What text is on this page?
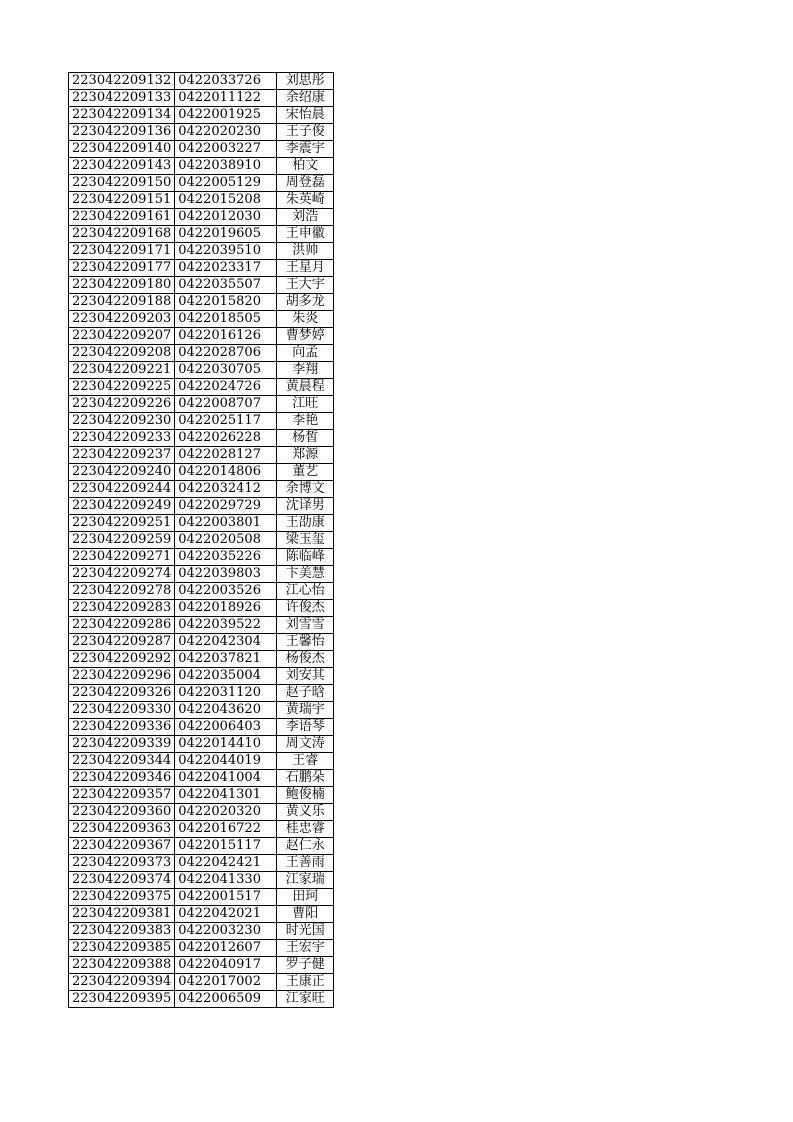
223042209132	0422033726	刘思彤
223042209133	0422011122	余绍康
223042209134	0422001925	宋怡晨
223042209136	0422020230	王子俊
223042209140	0422003227	李震宇
223042209143	0422038910	柏文
223042209150	0422005129	周登磊
223042209151	0422015208	朱英崎
223042209161	0422012030	刘浩
223042209168	0422019605	王申徽
223042209171	0422039510	洪帅
223042209177	0422023317	王星月
223042209180	0422035507	王大宇
223042209188	0422015820	胡多龙
223042209203	0422018505	朱炎
223042209207	0422016126	曹梦婷
223042209208	0422028706	向孟
223042209221	0422030705	李翔
223042209225	0422024726	黄晨程
223042209226	0422008707	江旺
223042209230	0422025117	李艳
223042209233	0422026228	杨皙
223042209237	0422028127	郑源
223042209240	0422014806	董艺
223042209244	0422032412	余博文
223042209249	0422029729	沈译男
223042209251	0422003801	王劭康
223042209259	0422020508	梁玉玺
223042209271	0422035226	陈临峰
223042209274	0422039803	卞美慧
223042209278	0422003526	江心怡
223042209283	0422018926	许俊杰
223042209286	0422039522	刘雪雪
223042209287	0422042304	王馨怡
223042209292	0422037821	杨俊杰
223042209296	0422035004	刘安其
223042209326	0422031120	赵子晗
223042209330	0422043620	黄瑞宇
223042209336	0422006403	李语琴
223042209339	0422014410	周文涛
223042209344	0422044019	王睿
223042209346	0422041004	石鹏朵
223042209357	0422041301	鲍俊楠
223042209360	0422020320	黄义乐
223042209363	0422016722	桂忠睿
223042209367	0422015117	赵仁永
223042209373	0422042421	王善雨
223042209374	0422041330	江家瑞
223042209375	0422001517	田珂
223042209381	0422042021	曹阳
223042209383	0422003230	时光国
223042209385	0422012607	王宏宇
223042209388	0422040917	罗子健
223042209394	0422017002	王康正
223042209395	0422006509	江家旺
